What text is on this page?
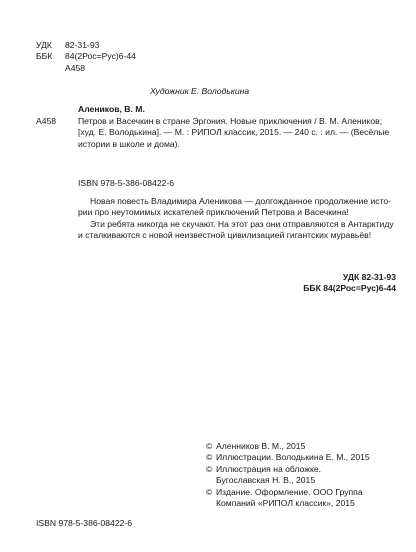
УДК	82-31-93
ББК	84(2Рос=Рус)6-44
А458
Художник Е. Володькина
Алеников, В. М.
А458	Петров и Васечкин в стране Эргония. Новые приключения / В. М. Алеников;
[худ. Е. Володькина]. — М. : РИПОЛ классик, 2015. — 240 с. : ил. — (Весёлые
истории в школе и дома).
ISBN 978-5-386-08422-6

Новая повесть Владимира Аленикова — долгожданное продолжение исто-

рии про неутомимых искателей приключений Петрова и Васечкина!

Эти ребята никогда не скучают. На этот раз они отправляются в Антарктиду

и сталкиваются с новой неизвестной цивилизацией гигантских муравьёв!
УДК 82-31-93
ББК 84(2Рос=Рус)6-44
© Аленников В. М., 2015
© Иллюстрации. Володькина Е. М., 2015
© Иллюстрация на обложке.
Бугославская Н. В., 2015
© Издание. Оформление. ООО Группа
Компаний «РИПОЛ классик», 2015
ISBN 978-5-386-08422-6
